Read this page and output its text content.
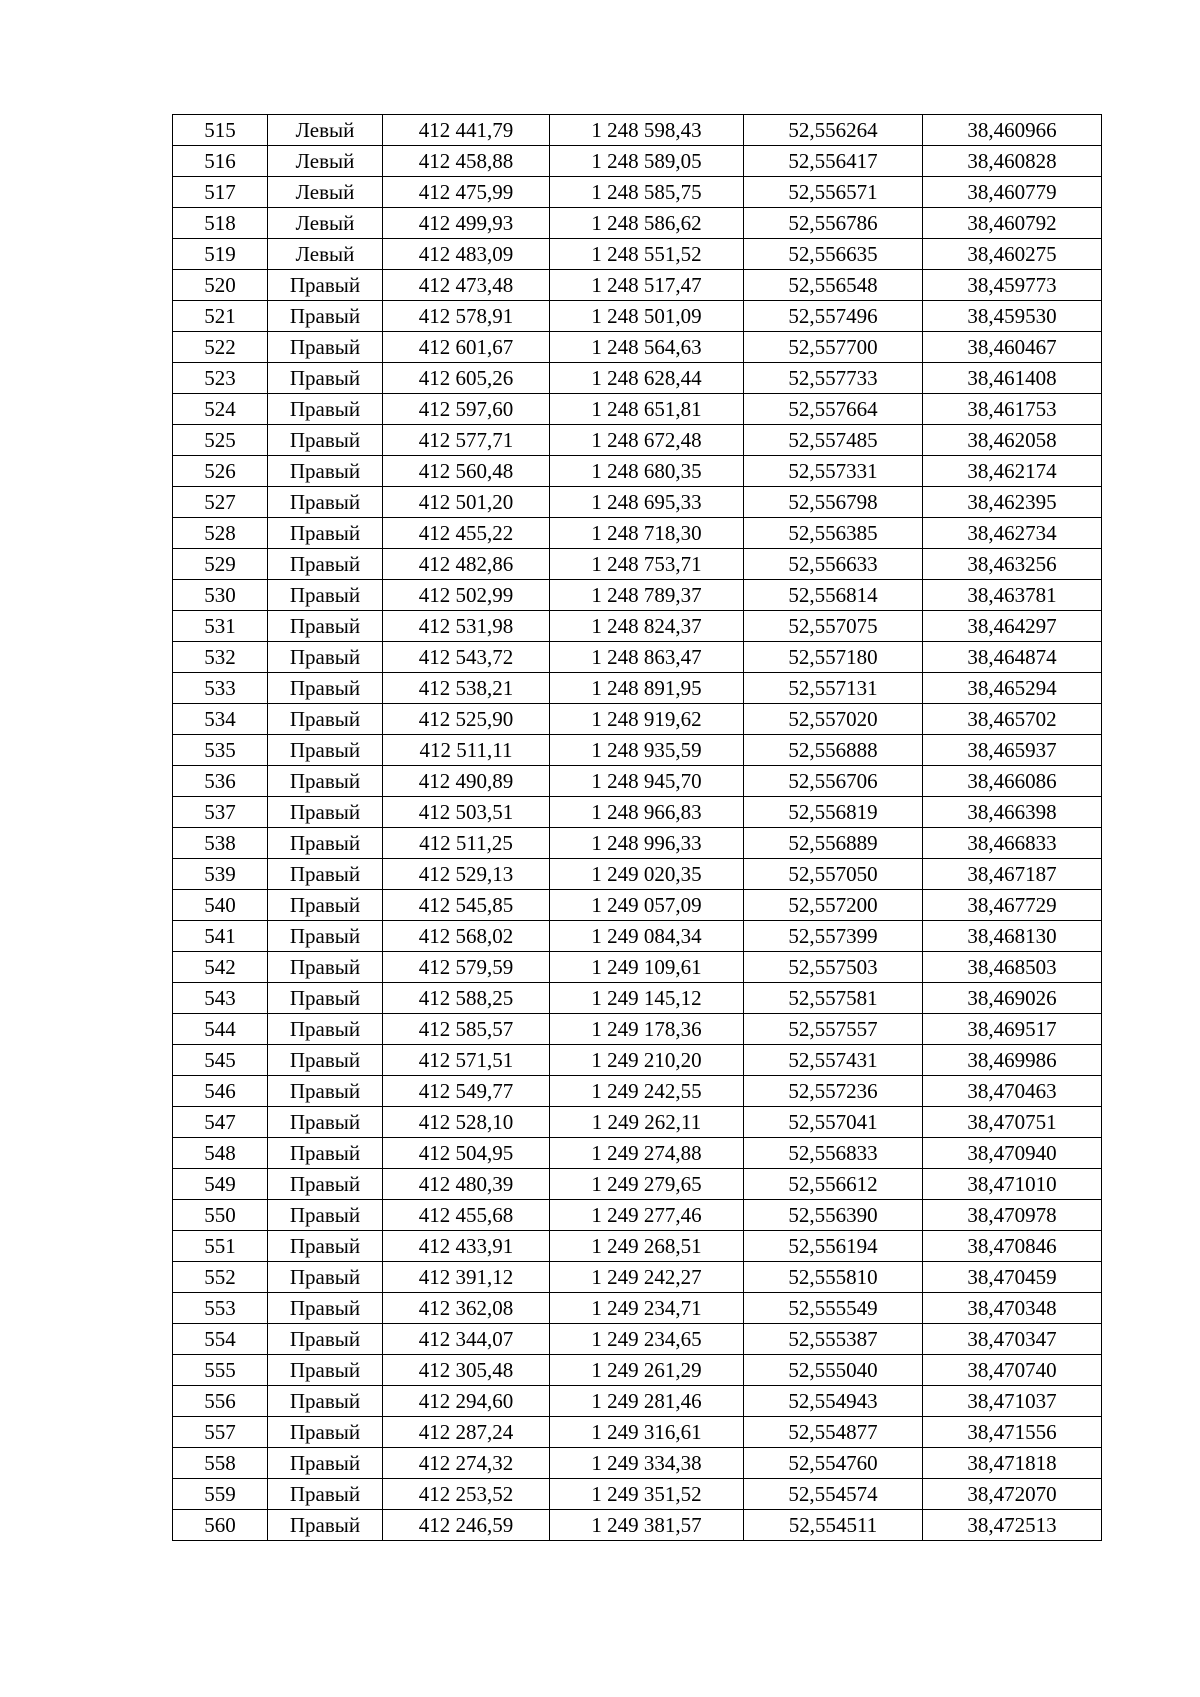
515	Левый	412 441,79	1 248 598,43	52,556264	38,460966
516	Левый	412 458,88	1 248 589,05	52,556417	38,460828
517	Левый	412 475,99	1 248 585,75	52,556571	38,460779
518	Левый	412 499,93	1 248 586,62	52,556786	38,460792
519	Левый	412 483,09	1 248 551,52	52,556635	38,460275
520	Правый	412 473,48	1 248 517,47	52,556548	38,459773
521	Правый	412 578,91	1 248 501,09	52,557496	38,459530
522	Правый	412 601,67	1 248 564,63	52,557700	38,460467
523	Правый	412 605,26	1 248 628,44	52,557733	38,461408
524	Правый	412 597,60	1 248 651,81	52,557664	38,461753
525	Правый	412 577,71	1 248 672,48	52,557485	38,462058
526	Правый	412 560,48	1 248 680,35	52,557331	38,462174
527	Правый	412 501,20	1 248 695,33	52,556798	38,462395
528	Правый	412 455,22	1 248 718,30	52,556385	38,462734
529	Правый	412 482,86	1 248 753,71	52,556633	38,463256
530	Правый	412 502,99	1 248 789,37	52,556814	38,463781
531	Правый	412 531,98	1 248 824,37	52,557075	38,464297
532	Правый	412 543,72	1 248 863,47	52,557180	38,464874
533	Правый	412 538,21	1 248 891,95	52,557131	38,465294
534	Правый	412 525,90	1 248 919,62	52,557020	38,465702
535	Правый	412 511,11	1 248 935,59	52,556888	38,465937
536	Правый	412 490,89	1 248 945,70	52,556706	38,466086
537	Правый	412 503,51	1 248 966,83	52,556819	38,466398
538	Правый	412 511,25	1 248 996,33	52,556889	38,466833
539	Правый	412 529,13	1 249 020,35	52,557050	38,467187
540	Правый	412 545,85	1 249 057,09	52,557200	38,467729
541	Правый	412 568,02	1 249 084,34	52,557399	38,468130
542	Правый	412 579,59	1 249 109,61	52,557503	38,468503
543	Правый	412 588,25	1 249 145,12	52,557581	38,469026
544	Правый	412 585,57	1 249 178,36	52,557557	38,469517
545	Правый	412 571,51	1 249 210,20	52,557431	38,469986
546	Правый	412 549,77	1 249 242,55	52,557236	38,470463
547	Правый	412 528,10	1 249 262,11	52,557041	38,470751
548	Правый	412 504,95	1 249 274,88	52,556833	38,470940
549	Правый	412 480,39	1 249 279,65	52,556612	38,471010
550	Правый	412 455,68	1 249 277,46	52,556390	38,470978
551	Правый	412 433,91	1 249 268,51	52,556194	38,470846
552	Правый	412 391,12	1 249 242,27	52,555810	38,470459
553	Правый	412 362,08	1 249 234,71	52,555549	38,470348
554	Правый	412 344,07	1 249 234,65	52,555387	38,470347
555	Правый	412 305,48	1 249 261,29	52,555040	38,470740
556	Правый	412 294,60	1 249 281,46	52,554943	38,471037
557	Правый	412 287,24	1 249 316,61	52,554877	38,471556
558	Правый	412 274,32	1 249 334,38	52,554760	38,471818
559	Правый	412 253,52	1 249 351,52	52,554574	38,472070
560	Правый	412 246,59	1 249 381,57	52,554511	38,472513
